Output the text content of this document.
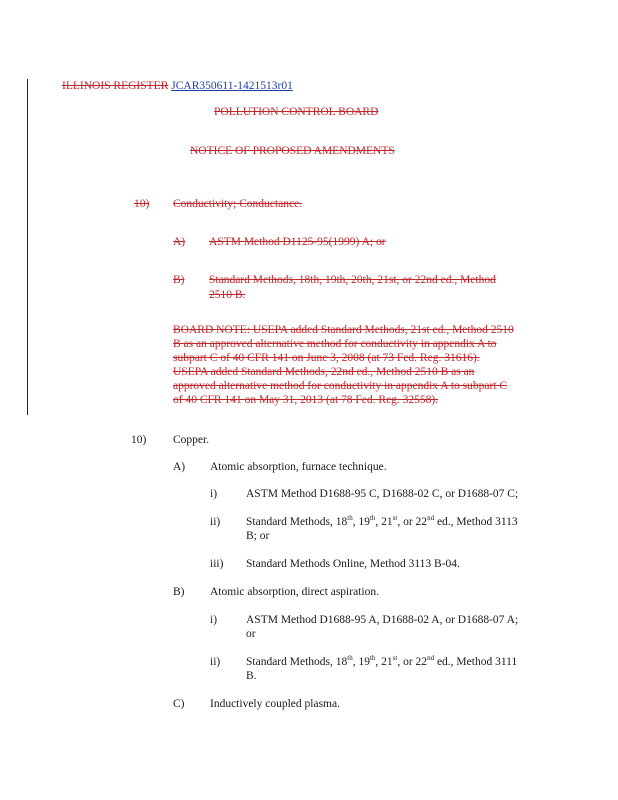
ILLINOIS REGISTER JCAR350611-1421513r01
POLLUTION CONTROL BOARD
NOTICE OF PROPOSED AMENDMENTS
10) Conductivity; Conductance.
A) ASTM Method D1125-95(1999) A; or
B) Standard Methods, 18th, 19th, 20th, 21st, or 22nd ed., Method
2510 B.
BOARD NOTE: USEPA added Standard Methods, 21st ed., Method 2510
B as an approved alternative method for conductivity in appendix A to
subpart C of 40 CFR 141 on June 3, 2008 (at 73 Fed. Reg. 31616).
USEPA added Standard Methods, 22nd ed., Method 2510 B as an
approved alternative method for conductivity in appendix A to subpart C
of 40 CFR 141 on May 31, 2013 (at 78 Fed. Reg. 32558).
10) Copper.
A) Atomic absorption, furnace technique.
i)	ASTM Method D1688-95 C, D1688-02 C, or D1688-07 C;
ii) Standard Methods, 18th, 19th, 21st, or 22nd ed., Method 3113
B; or
iii) Standard Methods Online, Method 3113 B-04.
B) Atomic absorption, direct aspiration.
i)	ASTM Method D1688-95 A, D1688-02 A, or D1688-07 A;
or
ii) Standard Methods, 18th, 19th, 21st, or 22nd ed., Method 3111
B.
C) Inductively coupled plasma.
